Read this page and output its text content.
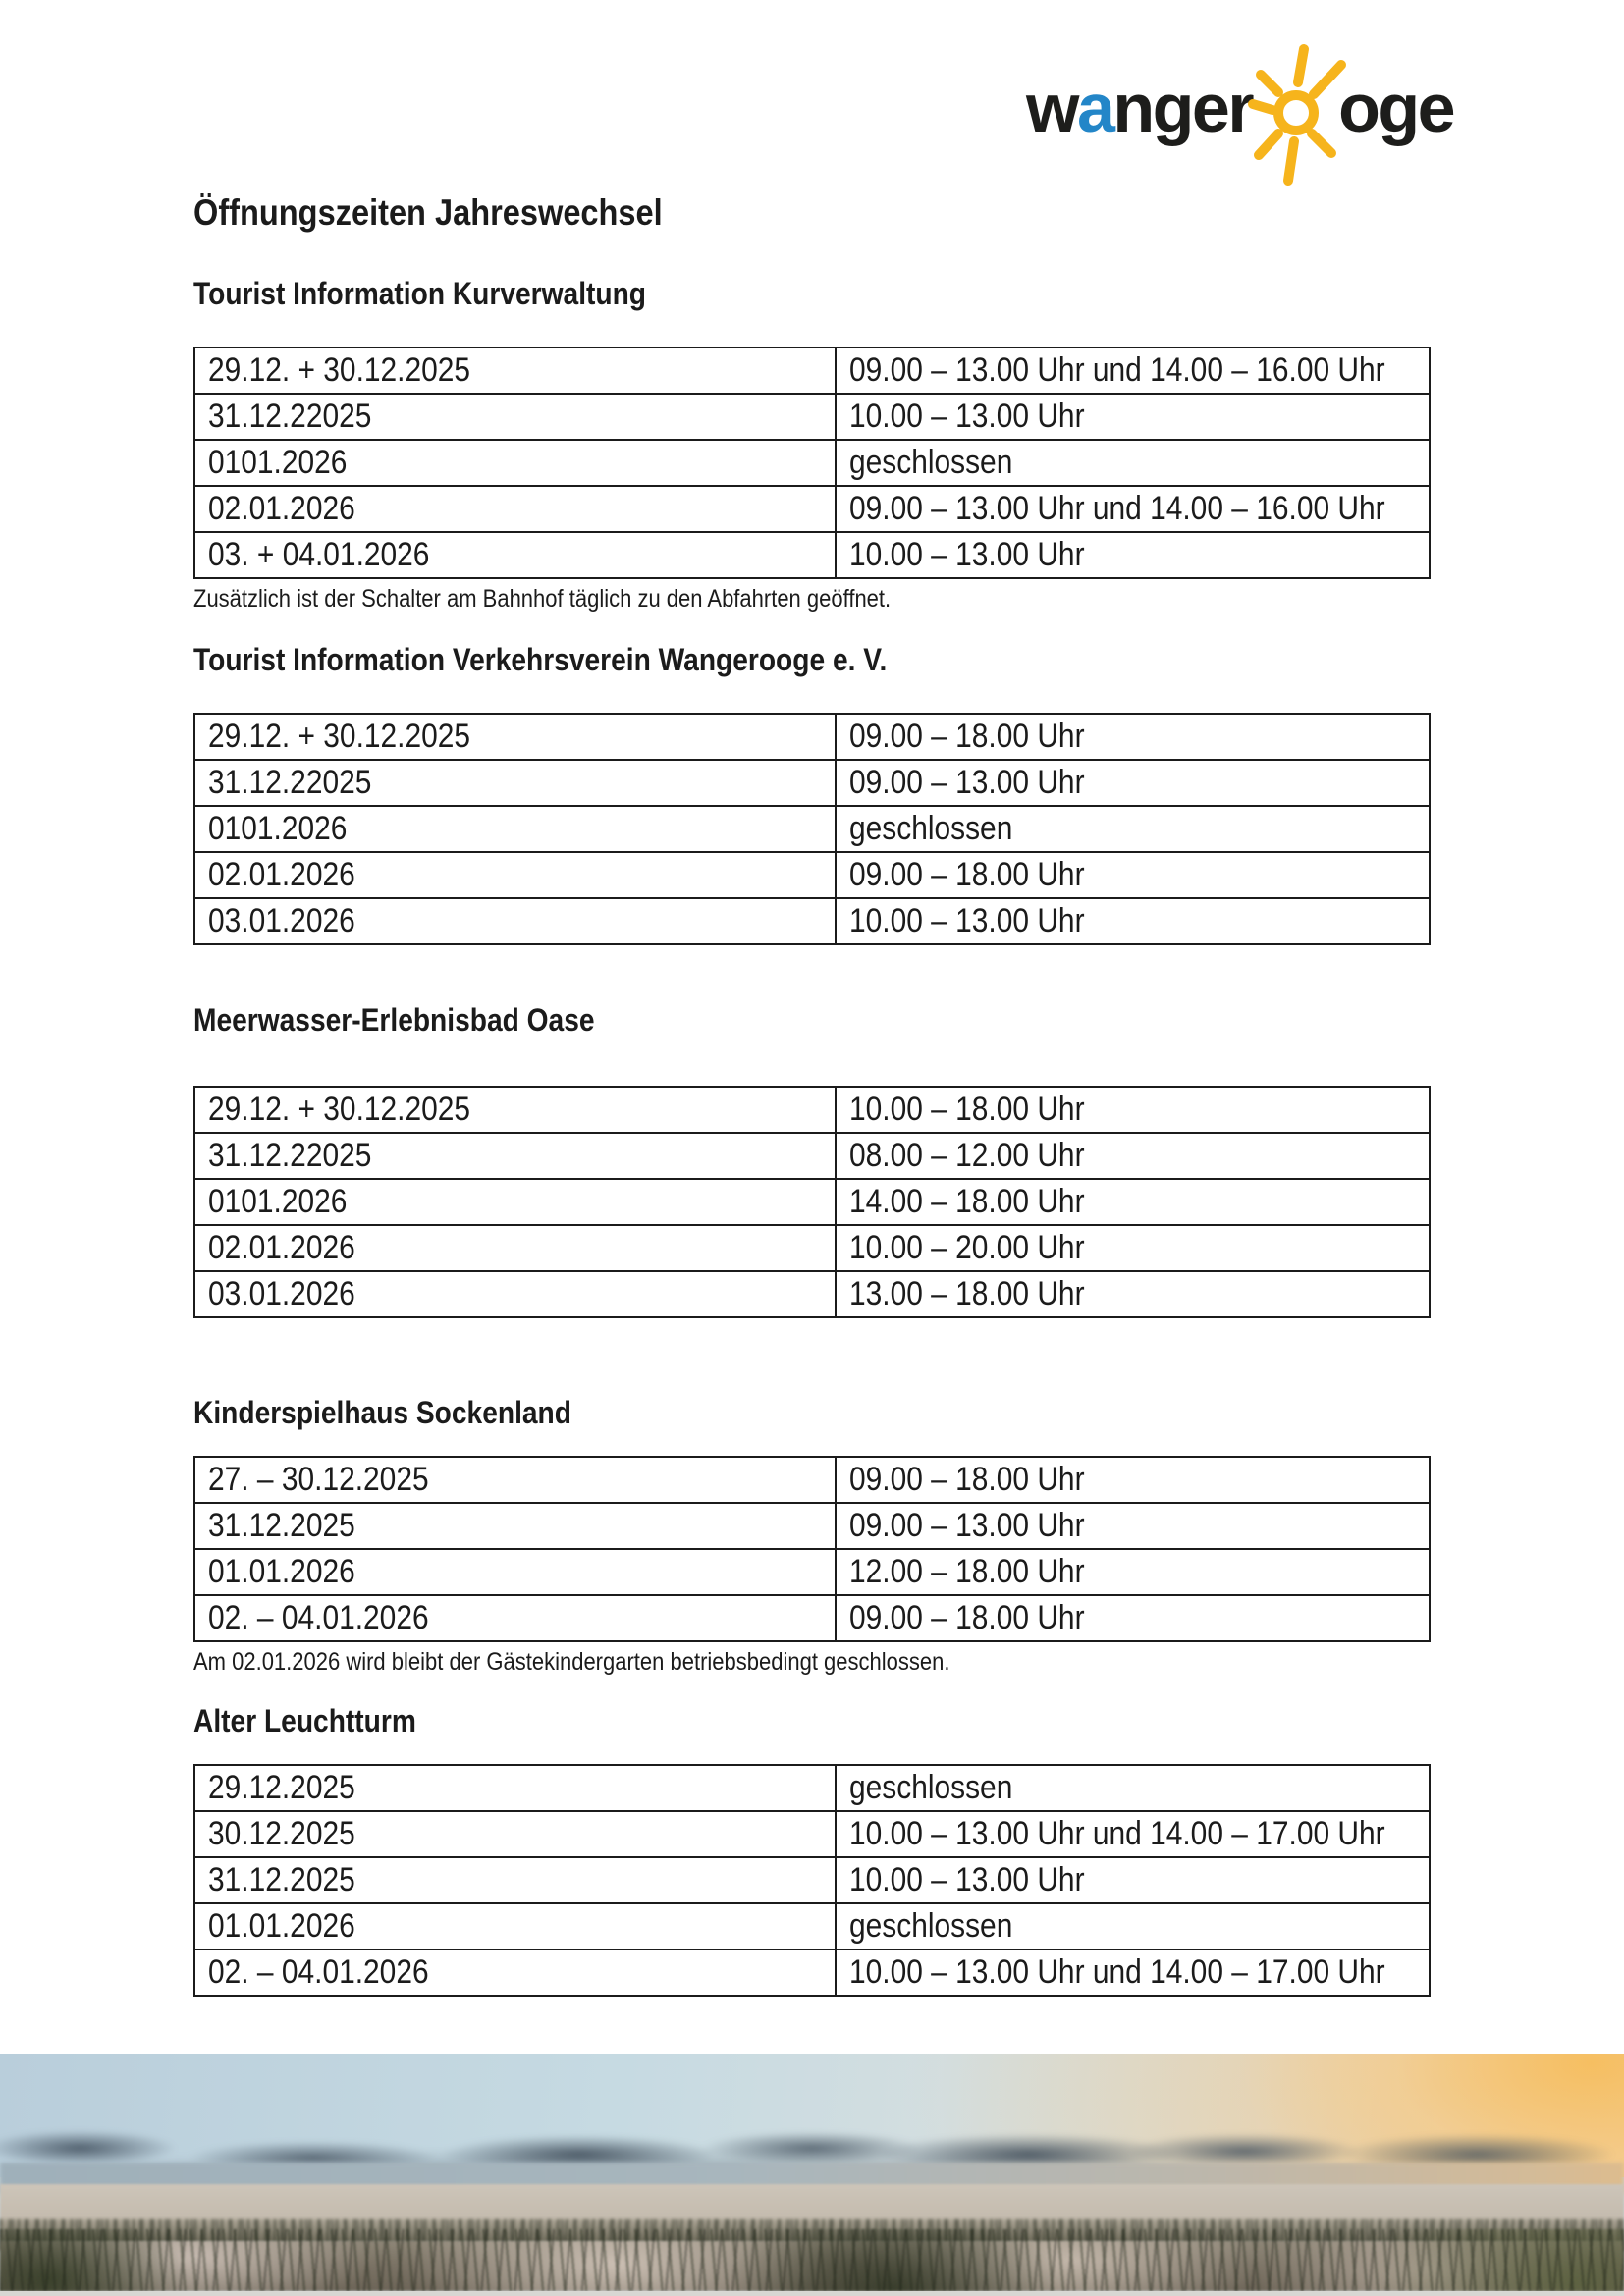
w a nger oge
Öffnungszeiten Jahreswechsel
Tourist Information Kurverwaltung
29.12. + 30.12.2025	09.00 – 13.00 Uhr und 14.00 – 16.00 Uhr
31.12.22025	10.00 – 13.00 Uhr
0101.2026	geschlossen
02.01.2026	09.00 – 13.00 Uhr und 14.00 – 16.00 Uhr
03. + 04.01.2026	10.00 – 13.00 Uhr
Zusätzlich ist der Schalter am Bahnhof täglich zu den Abfahrten geöffnet.
Tourist Information Verkehrsverein Wangerooge e. V.
29.12. + 30.12.2025	09.00 – 18.00 Uhr
31.12.22025	09.00 – 13.00 Uhr
0101.2026	geschlossen
02.01.2026	09.00 – 18.00 Uhr
03.01.2026	10.00 – 13.00 Uhr
Meerwasser-Erlebnisbad Oase
29.12. + 30.12.2025	10.00 – 18.00 Uhr
31.12.22025	08.00 – 12.00 Uhr
0101.2026	14.00 – 18.00 Uhr
02.01.2026	10.00 – 20.00 Uhr
03.01.2026	13.00 – 18.00 Uhr
Kinderspielhaus Sockenland
27. – 30.12.2025	09.00 – 18.00 Uhr
31.12.2025	09.00 – 13.00 Uhr
01.01.2026	12.00 – 18.00 Uhr
02. – 04.01.2026	09.00 – 18.00 Uhr
Am 02.01.2026 wird bleibt der Gästekindergarten betriebsbedingt geschlossen.
Alter Leuchtturm
29.12.2025	geschlossen
30.12.2025	10.00 – 13.00 Uhr und 14.00 – 17.00 Uhr
31.12.2025	10.00 – 13.00 Uhr
01.01.2026	geschlossen
02. – 04.01.2026	10.00 – 13.00 Uhr und 14.00 – 17.00 Uhr
